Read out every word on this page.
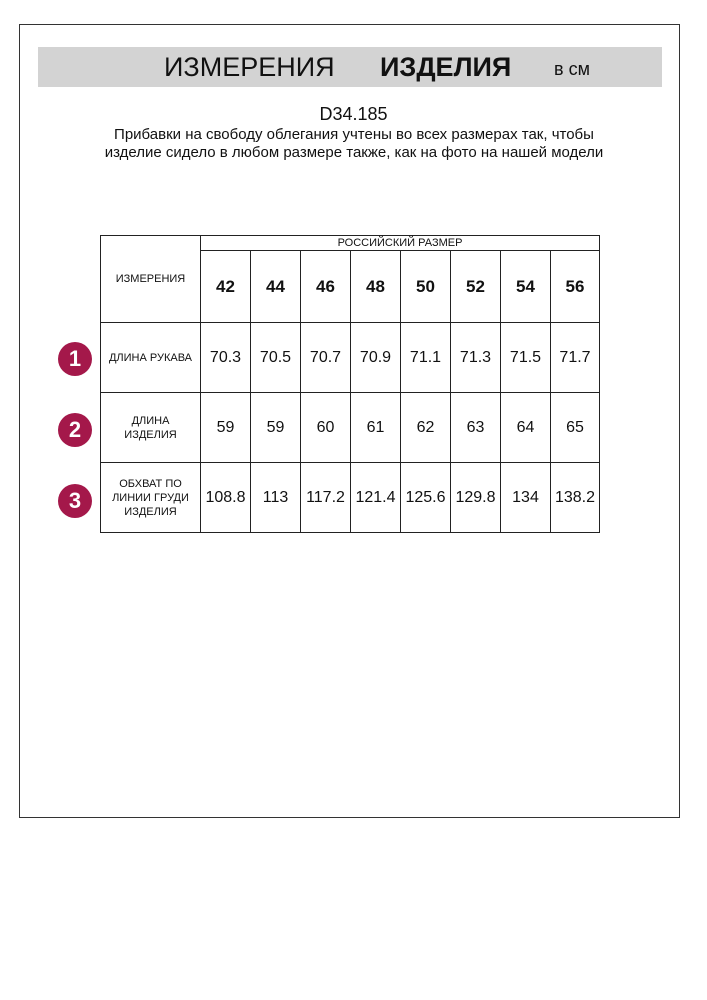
ИЗМЕРЕНИЯ ИЗДЕЛИЯ в см
D34.185
Прибавки на свободу облегания учтены во всех размерах так, чтобы изделие сидело в любом размере также, как на фото на нашей модели
ИЗМЕРЕНИЯ	РОССИЙСКИЙ РАЗМЕР							
	42	44	46	48	50	52	54	56
ДЛИНА РУКАВА	70.3	70.5	70.7	70.9	71.1	71.3	71.5	71.7
ДЛИНА ИЗДЕЛИЯ	59	59	60	61	62	63	64	65
ОБХВАТ ПО ЛИНИИ ГРУДИ ИЗДЕЛИЯ	108.8	113	117.2	121.4	125.6	129.8	134	138.2
1
2
3
